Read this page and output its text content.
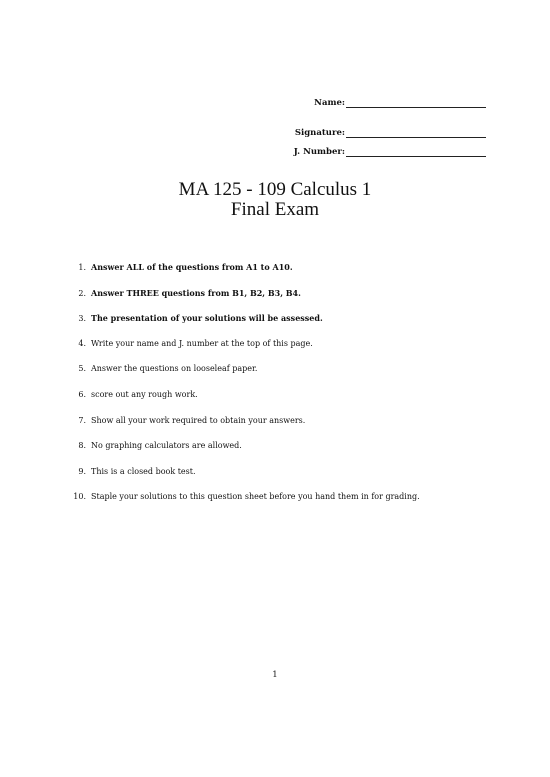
Name:
Signature:
J. Number:
MA 125 - 109 Calculus 1
Final Exam
1. Answer ALL of the questions from A1 to A10.
2. Answer THREE questions from B1, B2, B3, B4.
3. The presentation of your solutions will be assessed.
4. Write your name and J. number at the top of this page.
5. Answer the questions on looseleaf paper.
6. score out any rough work.
7. Show all your work required to obtain your answers.
8. No graphing calculators are allowed.
9. This is a closed book test.
10. Staple your solutions to this question sheet before you hand them in for grading.
1
